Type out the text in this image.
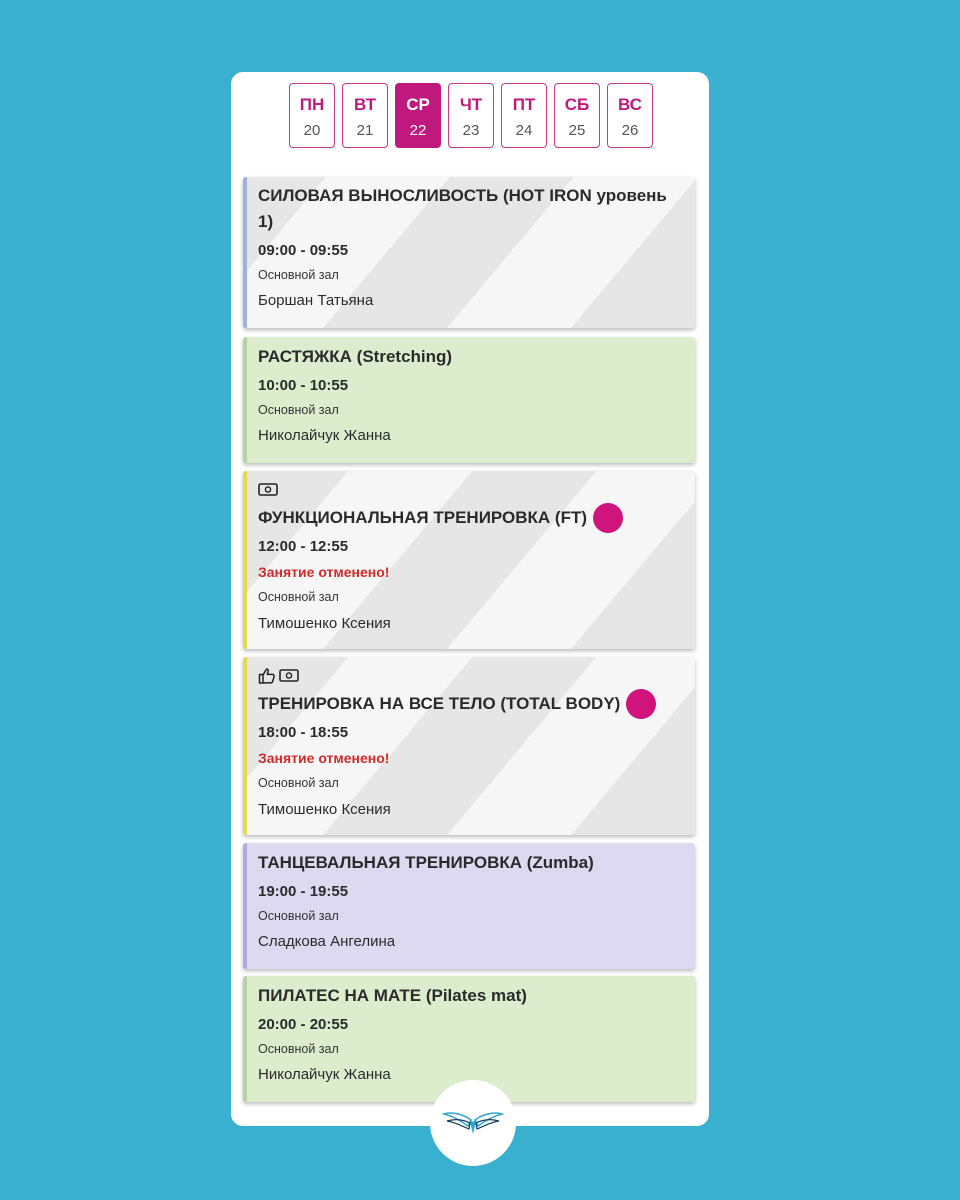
ПН
20
ВТ
21
СР
22
ЧТ
23
ПТ
24
СБ
25
ВС
26
СИЛОВАЯ ВЫНОСЛИВОСТЬ (HOT IRON уровень 1)
09:00 - 09:55
Основной зал
Боршан Татьяна
РАСТЯЖКА (Stretching)
10:00 - 10:55
Основной зал
Николайчук Жанна
ФУНКЦИОНАЛЬНАЯ ТРЕНИРОВКА (FT)
12:00 - 12:55
Занятие отменено!
Основной зал
Тимошенко Ксения
ТРЕНИРОВКА НА ВСЕ ТЕЛО (TOTAL BODY)
18:00 - 18:55
Занятие отменено!
Основной зал
Тимошенко Ксения
ТАНЦЕВАЛЬНАЯ ТРЕНИРОВКА (Zumba)
19:00 - 19:55
Основной зал
Сладкова Ангелина
ПИЛАТЕС НА МАТЕ (Pilates mat)
20:00 - 20:55
Основной зал
Николайчук Жанна
